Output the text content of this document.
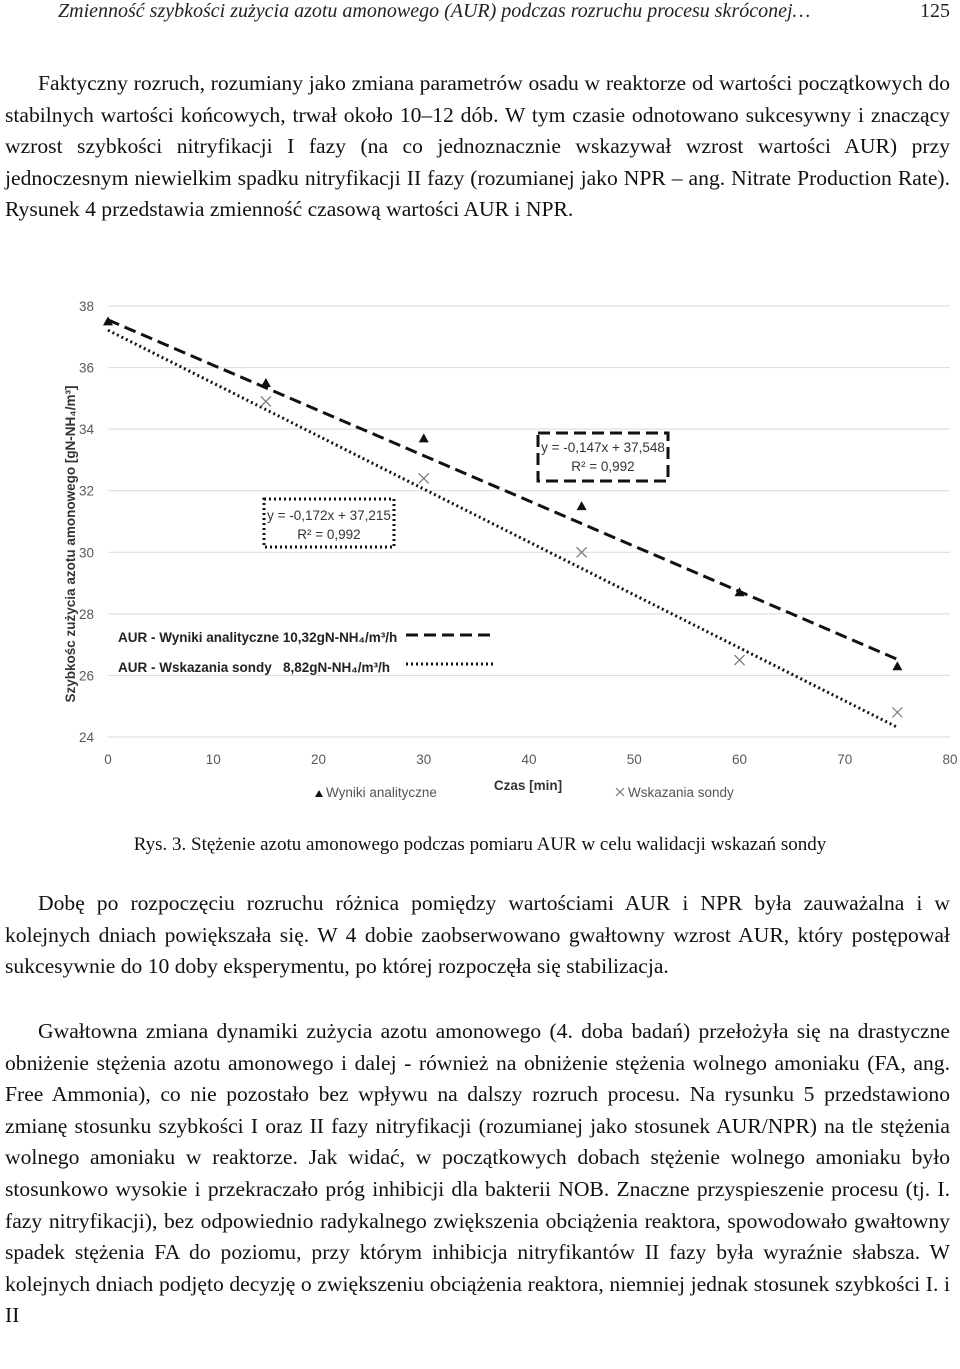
Zmienność szybkości zużycia azotu amonowego (AUR) podczas rozruchu procesu skróconej…	125

Faktyczny rozruch, rozumiany jako zmiana parametrów osadu w reaktorze od wartości początkowych do stabilnych wartości końcowych, trwał około 10–12 dób. W tym czasie odnotowano sukcesywny i znaczący wzrost szybkości nitryfikacji I fazy (na co jednoznacznie wskazywał wzrost wartości AUR) przy jednoczesnym niewielkim spadku nitryfikacji II fazy (rozumianej jako NPR – ang. Nitrate Production Rate). Rysunek 4 przedstawia zmienność czasową wartości AUR i NPR.

24
26
28
30
32
34
36
38
0	10	20	30	40	50	60	70	80
y = -0,172x + 37,215
R² = 0,992
y = -0,147x + 37,548
R² = 0,992
AUR - Wyniki analityczne 10,32gN-NH₄/m³/h
AUR - Wskazania sondy   8,82gN-NH₄/m³/h
Czas [min]
Szybkośc zużycia azotu amonowego [gN-NH₄/m³]
Wyniki analityczne	Wskazania sondy
Rys. 3. Stężenie azotu amonowego podczas pomiaru AUR w celu walidacji wskazań sondy

Dobę po rozpoczęciu rozruchu różnica pomiędzy wartościami AUR i NPR była zauważalna i w kolejnych dniach powiększała się. W 4 dobie zaobserwowano gwałtowny wzrost AUR, który postępował sukcesywnie do 10 doby eksperymentu, po której rozpoczęła się stabilizacja.

Gwałtowna zmiana dynamiki zużycia azotu amonowego (4. doba badań) przełożyła się na drastyczne obniżenie stężenia azotu amonowego i dalej - również na obniżenie stężenia wolnego amoniaku (FA, ang. Free Ammonia), co nie pozostało bez wpływu na dalszy rozruch procesu. Na rysunku 5 przedstawiono zmianę stosunku szybkości I oraz II fazy nitryfikacji (rozumianej jako stosunek AUR/NPR) na tle stężenia wolnego amoniaku w reaktorze. Jak widać, w początkowych dobach stężenie wolnego amoniaku było stosunkowo wysokie i przekraczało próg inhibicji dla bakterii NOB. Znaczne przyspieszenie procesu (tj. I. fazy nitryfikacji), bez odpowiednio radykalnego zwiększenia obciążenia reaktora, spowodowało gwałtowny spadek stężenia FA do poziomu, przy którym inhibicja nitryfikantów II fazy była wyraźnie słabsza. W kolejnych dniach podjęto decyzję o zwiększeniu obciążenia reaktora, niemniej jednak stosunek szybkości I. i II
